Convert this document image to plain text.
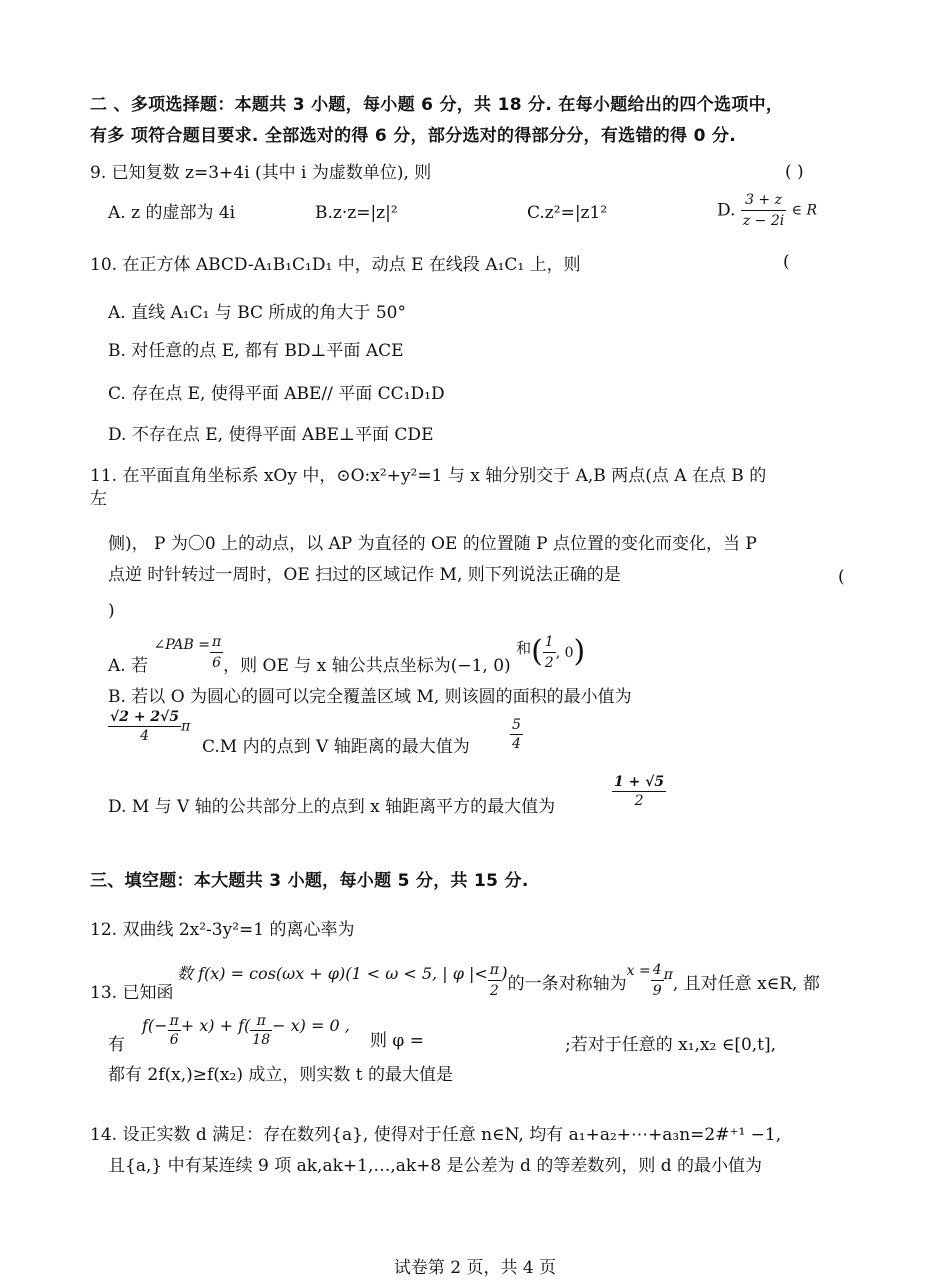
二 、多项选择题：本题共 3 小题，每小题 6 分，共 18 分. 在每小题给出的四个选项中，
有多 项符合题目要求. 全部选对的得 6 分，部分选对的得部分分，有选错的得 0 分.
9. 已知复数 z=3+4i (其中 i 为虚数单位), 则	( )
A. z 的虚部为 4i	B.z·z=|z|²	C.z²=|z1²	D. $\frac{3 + z}{z - 2i}$ ∈ R
10. 在正方体 ABCD-A₁B₁C₁D₁ 中，动点 E 在线段 A₁C₁ 上，则	(
A. 直线 A₁C₁ 与 BC 所成的角大于 50°
B. 对任意的点 E, 都有 BD⊥平面 ACE
C. 存在点 E, 使得平面 ABE// 平面 CC₁D₁D
D. 不存在点 E, 使得平面 ABE⊥平面 CDE
11. 在平面直角坐标系 xOy 中，⊙O:x²+y²=1 与 x 轴分别交于 A,B 两点(点 A 在点 B 的
左
侧)， P 为〇0 上的动点，以 AP 为直径的 OE 的位置随 P 点位置的变化而变化，当 P
点逆 时针转过一周时，OE 扫过的区域记作 M, 则下列说法正确的是	(
)
A. 若 $^{\angle PAB =} \frac{\pi}{6}$ ，则 OE 与 x 轴公共点坐标为(−1, 0) 和( $\frac{1}{2}$ , 0)
B. 若以 O 为圆心的圆可以完全覆盖区域 M, 则该圆的面积的最小值为
$\frac{√2 + 2√5}{4}$ π
C.M 内的点到 V 轴距离的最大值为	$\frac{5}{4}$
D. M 与 V 轴的公共部分上的点到 x 轴距离平方的最大值为	$\frac{1 + √5}{2}$
三、填空题：本大题共 3 小题，每小题 5 分，共 15 分.
12. 双曲线 2x²-3y²=1 的离心率为
13. 已知函
数 f(x) = cos(ωx + φ)(1 < ω < 5, | φ |< $\frac{\pi}{2}$ )的一条对称轴为$^{x =} \frac{4}{9} ^\pi$, 且对任意 x∈R, 都
有
$f(- \frac{\pi}{6} + x) + f( \frac{\pi}{18} - x) = 0$ ,
则 φ =	;若对于任意的 x₁,x₂ ∈[0,t],
都有 2f(x,)≥f(x₂) 成立，则实数 t 的最大值是
14. 设正实数 d 满足：存在数列{a}, 使得对于任意 n∈N, 均有 a₁+a₂+⋯+a₃n=2#⁺¹ −1,
且{a,} 中有某连续 9 项 ak,ak+1,…,ak+8 是公差为 d 的等差数列，则 d 的最小值为
试卷第 2 页，共 4 页
